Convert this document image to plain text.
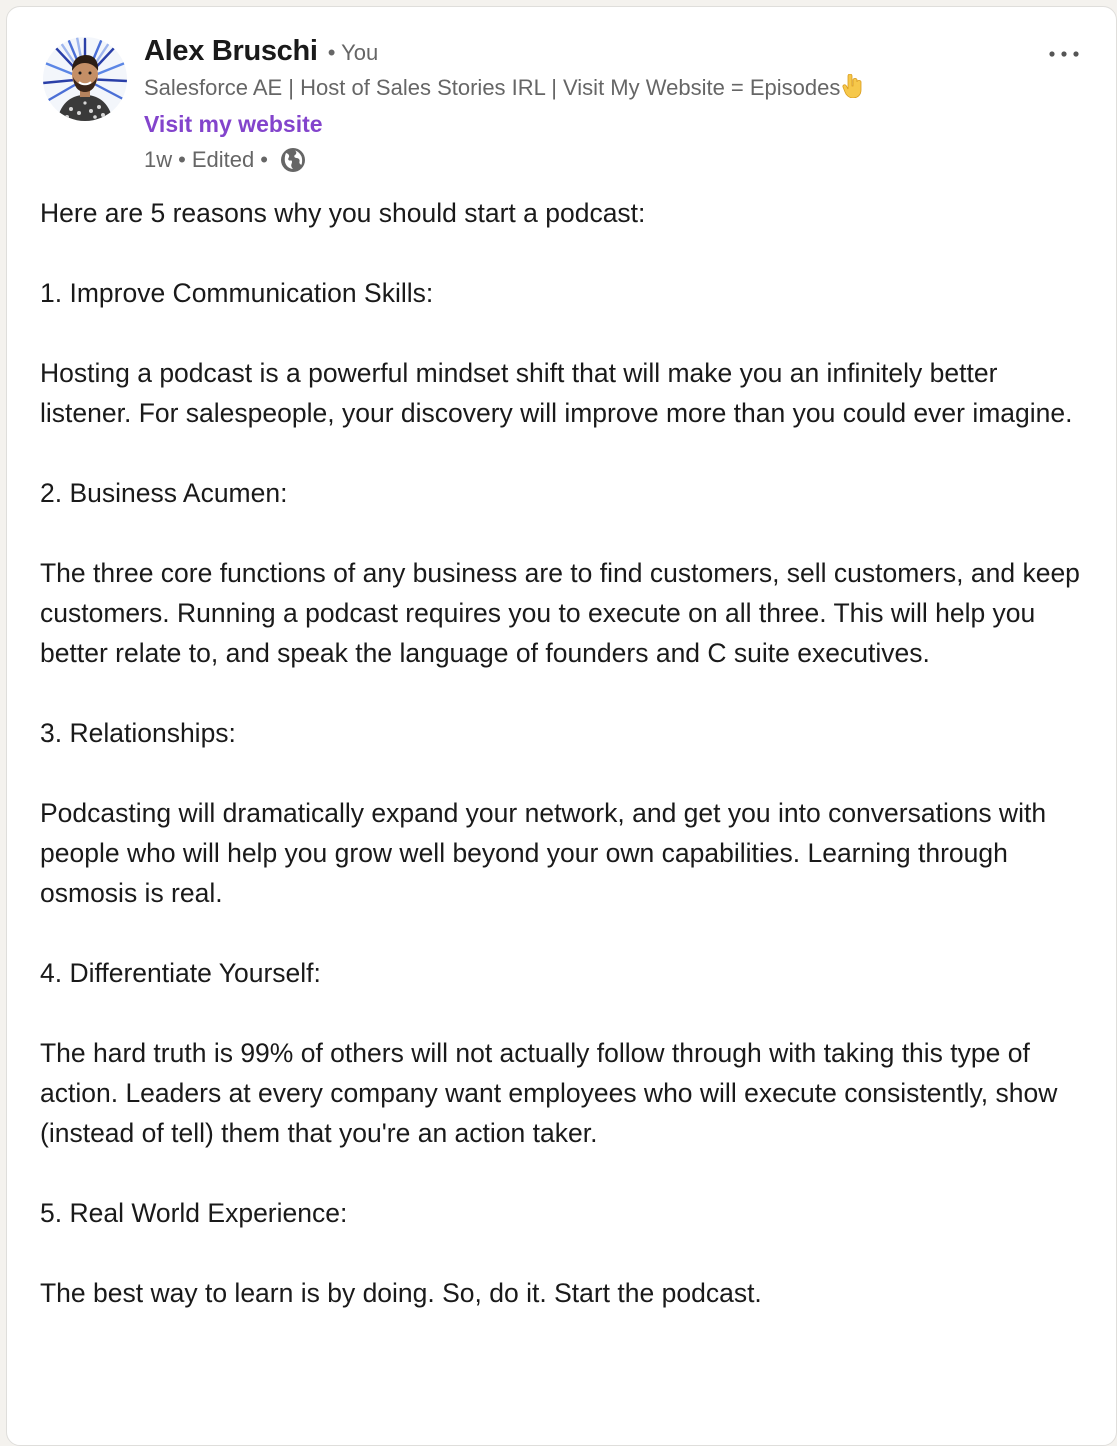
Alex Bruschi • You
Salesforce AE | Host of Sales Stories IRL | Visit My Website = Episodes
Visit my website
1w • Edited •

Here are 5 reasons why you should start a podcast:

1. Improve Communication Skills:

Hosting a podcast is a powerful mindset shift that will make you an infinitely better listener. For salespeople, your discovery will improve more than you could ever imagine.

2. Business Acumen:

The three core functions of any business are to find customers, sell customers, and keep customers. Running a podcast requires you to execute on all three. This will help you better relate to, and speak the language of founders and C suite executives.

3. Relationships:

Podcasting will dramatically expand your network, and get you into conversations with people who will help you grow well beyond your own capabilities. Learning through osmosis is real.

4. Differentiate Yourself:

The hard truth is 99% of others will not actually follow through with taking this type of action. Leaders at every company want employees who will execute consistently, show (instead of tell) them that you're an action taker.

5. Real World Experience:

The best way to learn is by doing. So, do it. Start the podcast.
